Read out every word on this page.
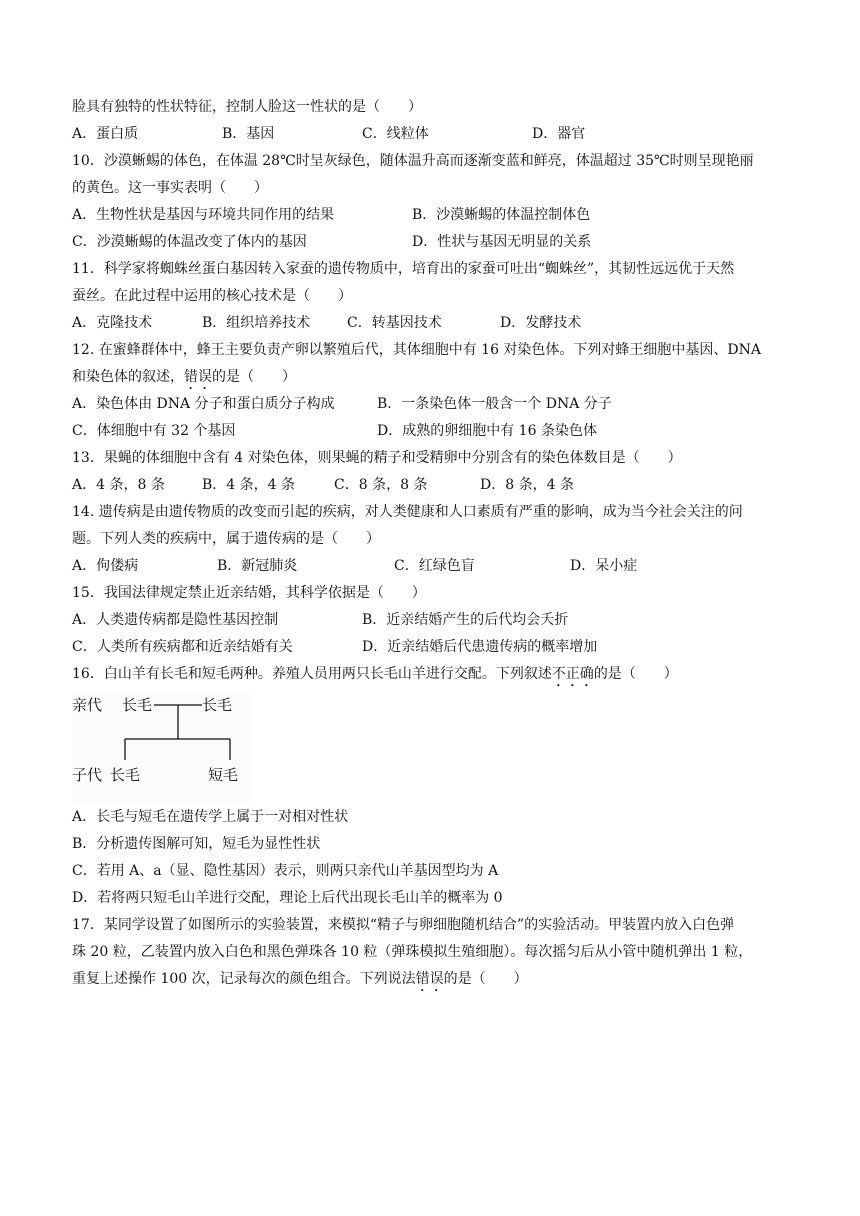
脸具有独特的性状特征，控制人脸这一性状的是（　　）
A．蛋白质	B．基因	C．线粒体	D．器官
10．沙漠蜥蜴的体色，在体温 28℃时呈灰绿色，随体温升高而逐渐变蓝和鲜亮，体温超过 35℃时则呈现艳丽
的黄色。这一事实表明（　　）
A．生物性状是基因与环境共同作用的结果	B．沙漠蜥蜴的体温控制体色
C．沙漠蜥蜴的体温改变了体内的基因	D．性状与基因无明显的关系
11．科学家将蜘蛛丝蛋白基因转入家蚕的遗传物质中，培育出的家蚕可吐出“蜘蛛丝”，其韧性远远优于天然
蚕丝。在此过程中运用的核心技术是（　　）
A．克隆技术	B．组织培养技术	C．转基因技术	D．发酵技术
12. 在蜜蜂群体中，蜂王主要负责产卵以繁殖后代，其体细胞中有 16 对染色体。下列对蜂王细胞中基因、DNA
和染色体的叙述，错误的是（　　）
A．染色体由 DNA 分子和蛋白质分子构成	B．一条染色体一般含一个 DNA 分子
C．体细胞中有 32 个基因	D．成熟的卵细胞中有 16 条染色体
13．果蝇的体细胞中含有 4 对染色体，则果蝇的精子和受精卵中分别含有的染色体数目是（　　）
A．4 条，8 条	B．4 条，4 条	C．8 条，8 条	D．8 条，4 条
14. 遗传病是由遗传物质的改变而引起的疾病，对人类健康和人口素质有严重的影响，成为当今社会关注的问
题。下列人类的疾病中，属于遗传病的是（　　）
A．佝偻病	B．新冠肺炎	C．红绿色盲	D．呆小症
15．我国法律规定禁止近亲结婚，其科学依据是（　　）
A．人类遗传病都是隐性基因控制	B．近亲结婚产生的后代均会夭折
C．人类所有疾病都和近亲结婚有关	D．近亲结婚后代患遗传病的概率增加
16．白山羊有长毛和短毛两种。养殖人员用两只长毛山羊进行交配。下列叙述不正确的是（　　）
亲代 长毛	长毛
子代 长毛	短毛
A．长毛与短毛在遗传学上属于一对相对性状
B．分析遗传图解可知，短毛为显性性状
C．若用 A、a（显、隐性基因）表示，则两只亲代山羊基因型均为 A
D．若将两只短毛山羊进行交配，理论上后代出现长毛山羊的概率为 0
17．某同学设置了如图所示的实验装置，来模拟“精子与卵细胞随机结合”的实验活动。甲装置内放入白色弹
珠 20 粒，乙装置内放入白色和黑色弹珠各 10 粒（弹珠模拟生殖细胞）。每次摇匀后从小管中随机弹出 1 粒，
重复上述操作 100 次，记录每次的颜色组合。下列说法错误的是（　　）
